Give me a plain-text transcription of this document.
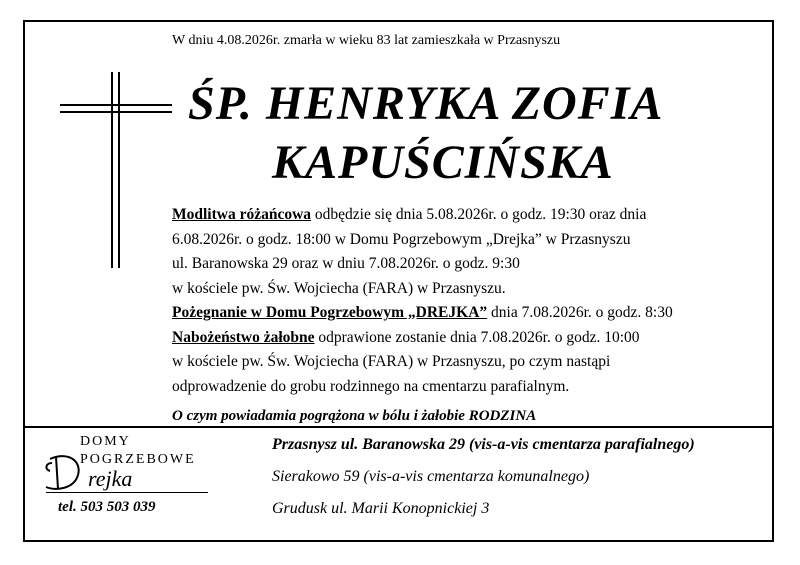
W dniu 4.08.2026r. zmarła w wieku 83 lat zamieszkała w Przasnyszu
ŚP. HENRYKA ZOFIA
KAPUŚCIŃSKA
Modlitwa różańcowa odbędzie się dnia 5.08.2026r. o godz. 19:30 oraz dnia
6.08.2026r. o godz. 18:00 w Domu Pogrzebowym „Drejka” w Przasnyszu
ul. Baranowska 29 oraz w dniu 7.08.2026r. o godz. 9:30
w kościele pw. Św. Wojciecha (FARA) w Przasnyszu.
Pożegnanie w Domu Pogrzebowym „DREJKA” dnia 7.08.2026r. o godz. 8:30
Nabożeństwo żałobne odprawione zostanie dnia 7.08.2026r. o godz. 10:00
w kościele pw. Św. Wojciecha (FARA) w Przasnyszu, po czym nastąpi
odprowadzenie do grobu rodzinnego na cmentarzu parafialnym.
O czym powiadamia pogrążona w bólu i żałobie RODZINA
DOMY
POGRZEBOWE
rejka
tel. 503 503 039
Przasnysz ul. Baranowska 29 (vis-a-vis cmentarza parafialnego)
Sierakowo 59 (vis-a-vis cmentarza komunalnego)
Grudusk ul. Marii Konopnickiej 3
